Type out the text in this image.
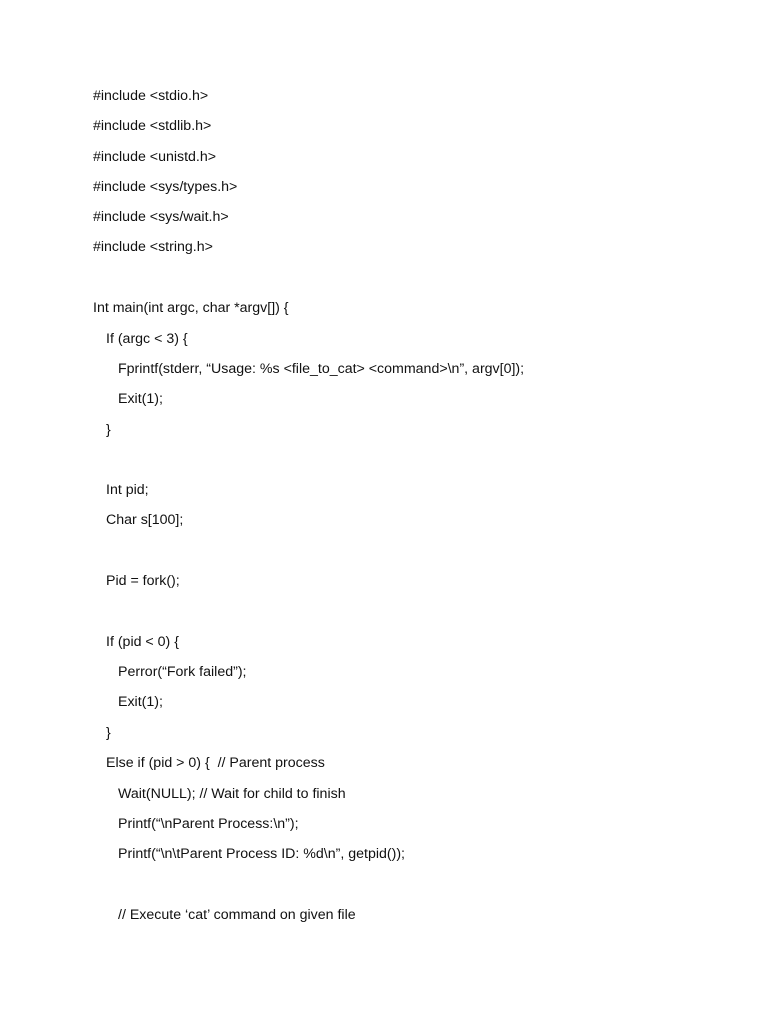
#include <stdio.h>
#include <stdlib.h>
#include <unistd.h>
#include <sys/types.h>
#include <sys/wait.h>
#include <string.h>
Int main(int argc, char *argv[]) {
If (argc < 3) {
Fprintf(stderr, “Usage: %s <file_to_cat> <command>\n”, argv[0]);
Exit(1);
}
Int pid;
Char s[100];
Pid = fork();
If (pid < 0) {
Perror(“Fork failed”);
Exit(1);
}
Else if (pid > 0) {  // Parent process
Wait(NULL); // Wait for child to finish
Printf(“\nParent Process:\n”);
Printf(“\n\tParent Process ID: %d\n”, getpid());
// Execute ‘cat’ command on given file
